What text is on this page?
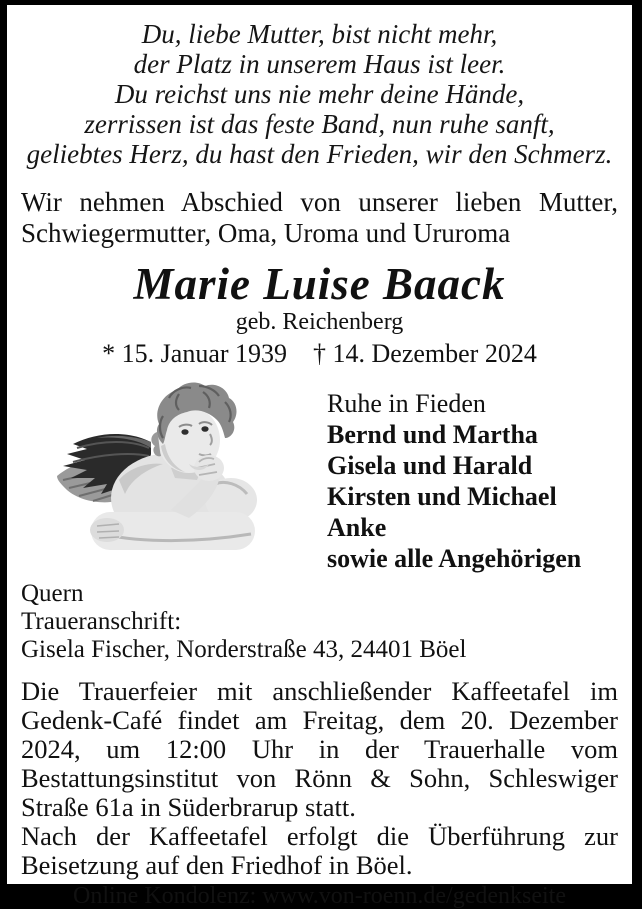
Du, liebe Mutter, bist nicht mehr,
der Platz in unserem Haus ist leer.
Du reichst uns nie mehr deine Hände,
zerrissen ist das feste Band, nun ruhe sanft,
geliebtes Herz, du hast den Frieden, wir den Schmerz.
Wir nehmen Abschied von unserer lieben Mutter, Schwiegermutter, Oma, Uroma und Ururoma
Marie Luise Baack
geb. Reichenberg
* 15. Januar 1939 † 14. Dezember 2024
Ruhe in Fieden
Bernd und Martha
Gisela und Harald
Kirsten und Michael
Anke
sowie alle Angehörigen
Quern
Traueranschrift:
Gisela Fischer, Norderstraße 43, 24401 Böel
Die Trauerfeier mit anschließender Kaffeetafel im Gedenk-Café findet am Freitag, dem 20. Dezember 2024, um 12:00 Uhr in der Trauerhalle vom Bestattungsinstitut von Rönn & Sohn, Schleswiger Straße 61a in Süderbrarup statt.
Nach der Kaffeetafel erfolgt die Überführung zur Beisetzung auf den Friedhof in Böel.
Online Kondolenz: www.von-roenn.de/gedenkseite
